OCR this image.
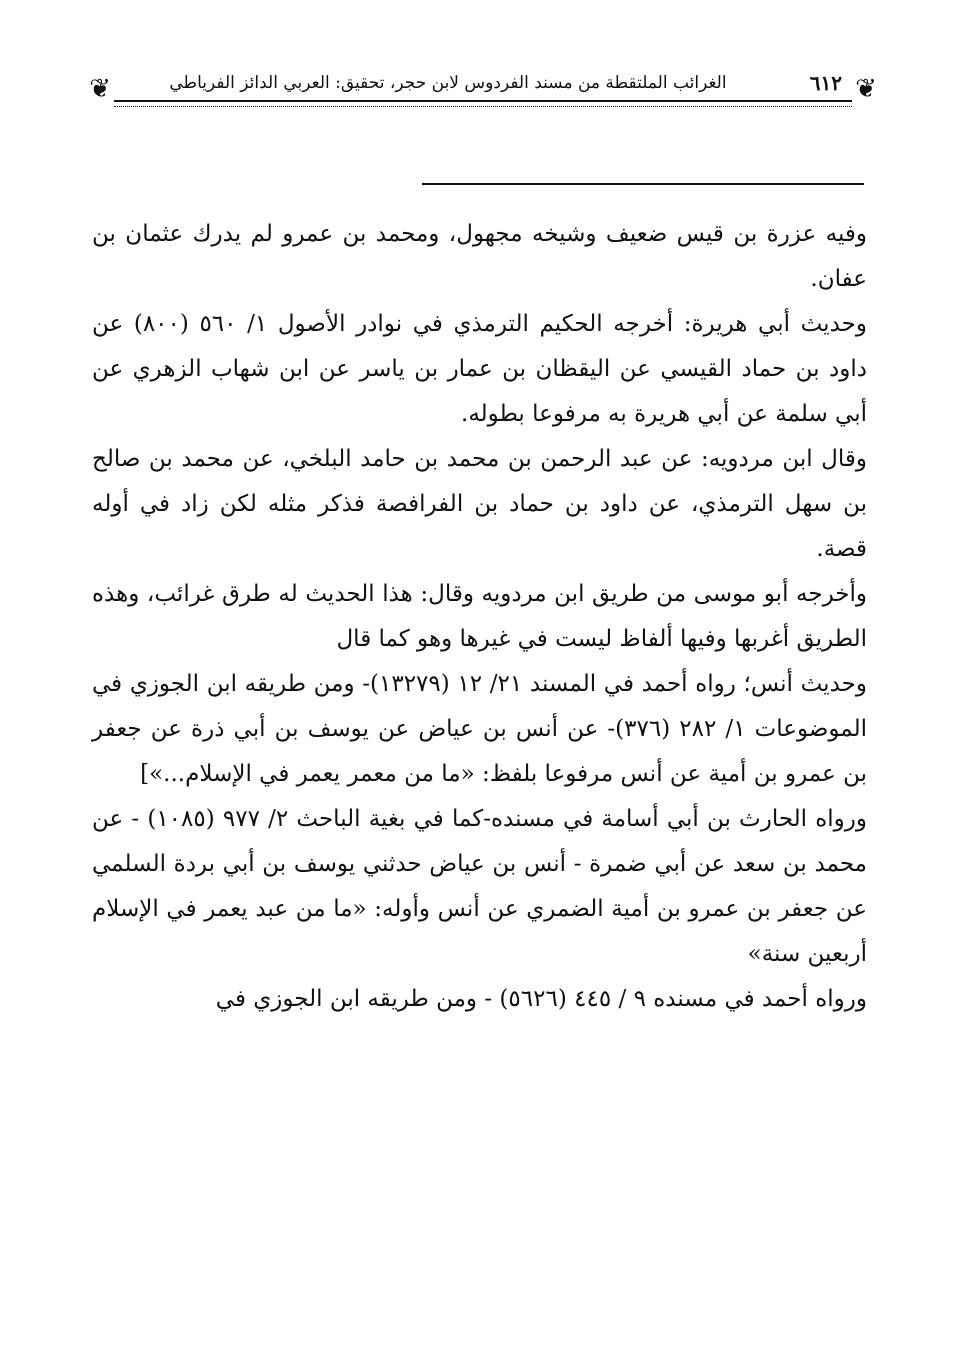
❦	الغرائب الملتقطة من مسند الفردوس لابن حجر، تحقيق: العربي الدائز الفرياطي	٦١٢ ❦

وفيه عزرة بن قيس ضعيف وشيخه مجهول، ومحمد بن عمرو لم يدرك عثمان بن عفان.

وحديث أبي هريرة: أخرجه الحكيم الترمذي في نوادر الأصول ١/ ٥٦٠ (٨٠٠) عن داود بن حماد القيسي عن اليقظان بن عمار بن ياسر عن ابن شهاب الزهري عن أبي سلمة عن أبي هريرة به مرفوعا بطوله.

وقال ابن مردويه: عن عبد الرحمن بن محمد بن حامد البلخي، عن محمد بن صالح بن سهل الترمذي، عن داود بن حماد بن الفرافصة فذكر مثله لكن زاد في أوله قصة.

وأخرجه أبو موسى من طريق ابن مردويه وقال: هذا الحديث له طرق غرائب، وهذه الطريق أغربها وفيها ألفاظ ليست في غيرها وهو كما قال

وحديث أنس؛ رواه أحمد في المسند ٢١/ ١٢ (١٣٢٧٩)- ومن طريقه ابن الجوزي في الموضوعات ١/ ٢٨٢ (٣٧٦)- عن أنس بن عياض عن يوسف بن أبي ذرة عن جعفر بن عمرو بن أمية عن أنس مرفوعا بلفظ: «ما من معمر يعمر في الإسلام...»]

ورواه الحارث بن أبي أسامة في مسنده-كما في بغية الباحث ٢/ ٩٧٧ (١٠٨٥) - عن محمد بن سعد عن أبي ضمرة - أنس بن عياض حدثني يوسف بن أبي بردة السلمي عن جعفر بن عمرو بن أمية الضمري عن أنس وأوله: «ما من عبد يعمر في الإسلام أربعين سنة»

ورواه أحمد في مسنده ٩ / ٤٤٥ (٥٦٢٦) - ومن طريقه ابن الجوزي في
